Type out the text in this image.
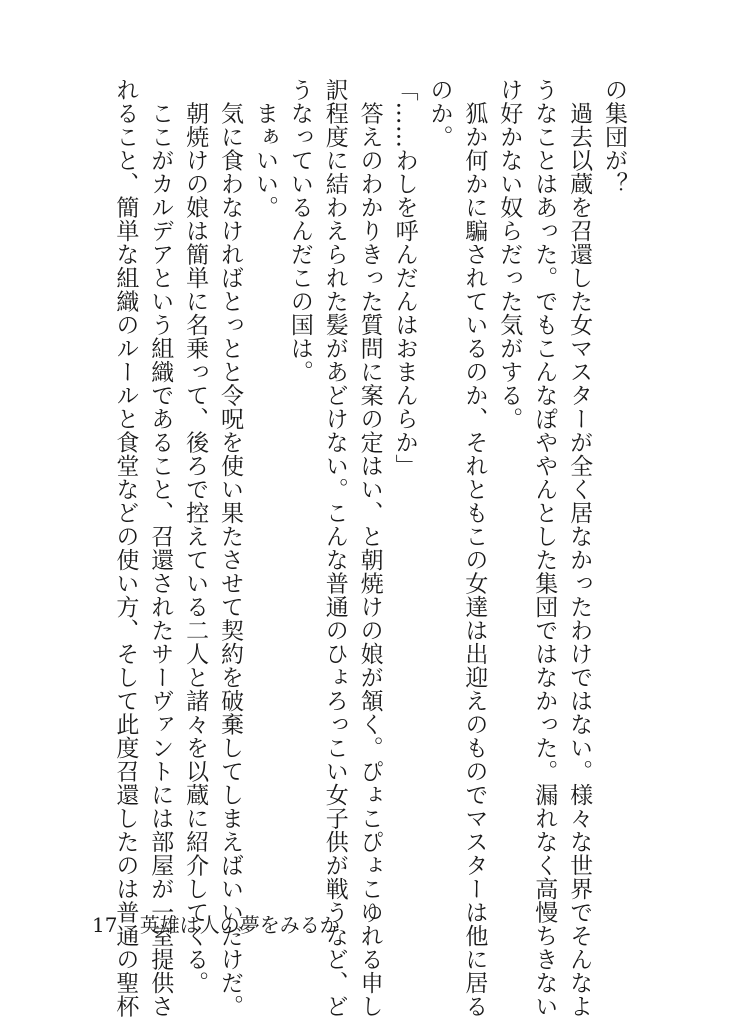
の集団が？
　過去以蔵を召還した女マスターが全く居なかったわけではない。様々な世界でそんなよ
うなことはあった。でもこんなぽややんとした集団ではなかった。漏れなく高慢ちきない
け好かない奴らだった気がする。
　狐か何かに騙されているのか、それともこの女達は出迎えのものでマスターは他に居る
のか。
「……わしを呼んだんはおまんらか」
　答えのわかりきった質問に案の定はい、と朝焼けの娘が頷く。ぴょこぴょこゆれる申し
訳程度に結わえられた髪があどけない。こんな普通のひょろっこい女子供が戦うなど、ど
うなっているんだこの国は。
　まぁいい。
　気に食わなければとっとと令呪を使い果たさせて契約を破棄してしまえばいいだけだ。
　朝焼けの娘は簡単に名乗って、後ろで控えている二人と諸々を以蔵に紹介してくる。
　ここがカルデアという組織であること、召還されたサーヴァントには部屋が一室提供さ
れること、簡単な組織のルールと食堂などの使い方、そして此度召還したのは普通の聖杯
17 英雄は人の夢をみるか
